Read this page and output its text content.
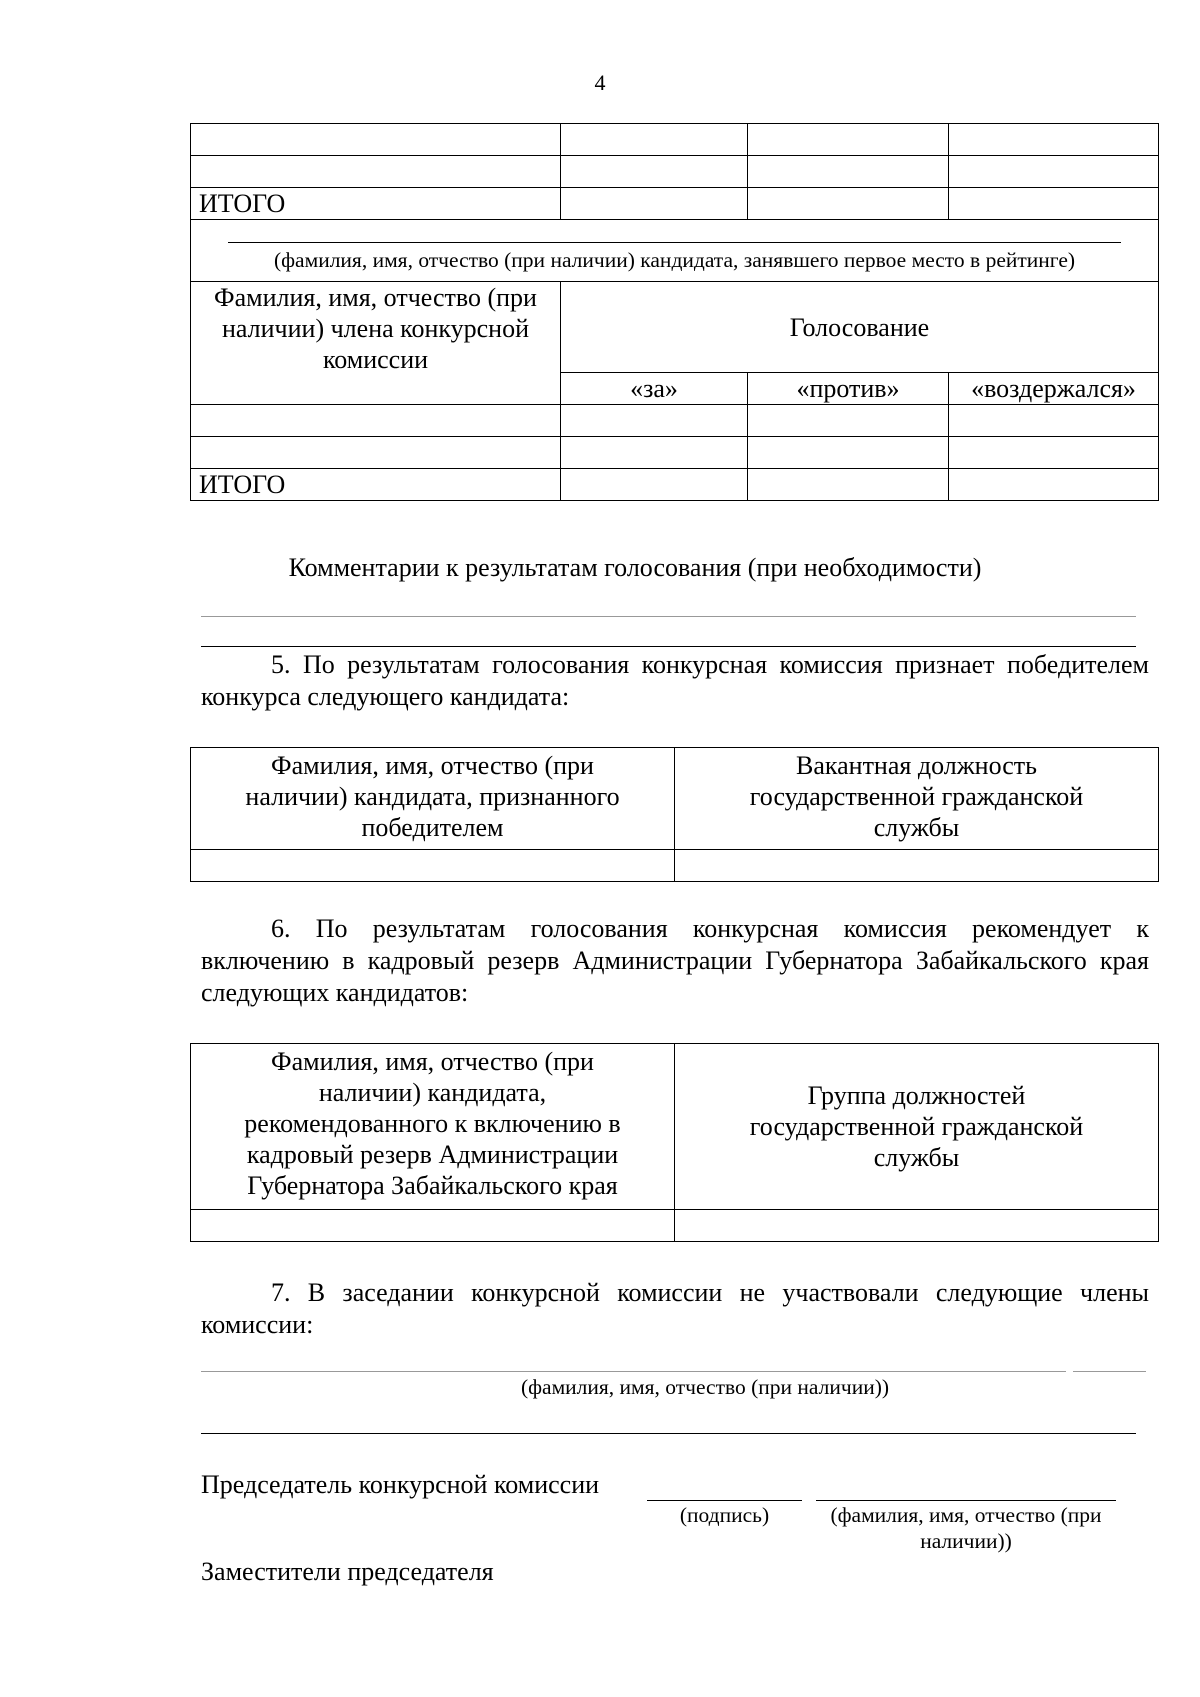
4

ИТОГО			

(фамилия, имя, отчество (при наличии) кандидата, занявшего первое место в рейтинге)			

Фамилия, имя, отчество (при наличии) члена конкурсной комиссии	Голосование		
	«за»	«против»	«воздержался»

ИТОГО			
Комментарии к результатам голосования (при необходимости)
5. По результатам голосования конкурсная комиссия признает победителем конкурса следующего кандидата:
Фамилия, имя, отчество (при наличии) кандидата, признанного победителем	Вакантная должность государственной гражданской службы

6. По результатам голосования конкурсная комиссия рекомендует к включению в кадровый резерв Администрации Губернатора Забайкальского края следующих кандидатов:
Фамилия, имя, отчество (при наличии) кандидата, рекомендованного к включению в кадровый резерв Администрации Губернатора Забайкальского края	Группа должностей государственной гражданской службы

7. В заседании конкурсной комиссии не участвовали следующие члены комиссии:
(фамилия, имя, отчество (при наличии))
Председатель конкурсной комиссии
(подпись)	(фамилия, имя, отчество (при наличии))
Заместители председателя
